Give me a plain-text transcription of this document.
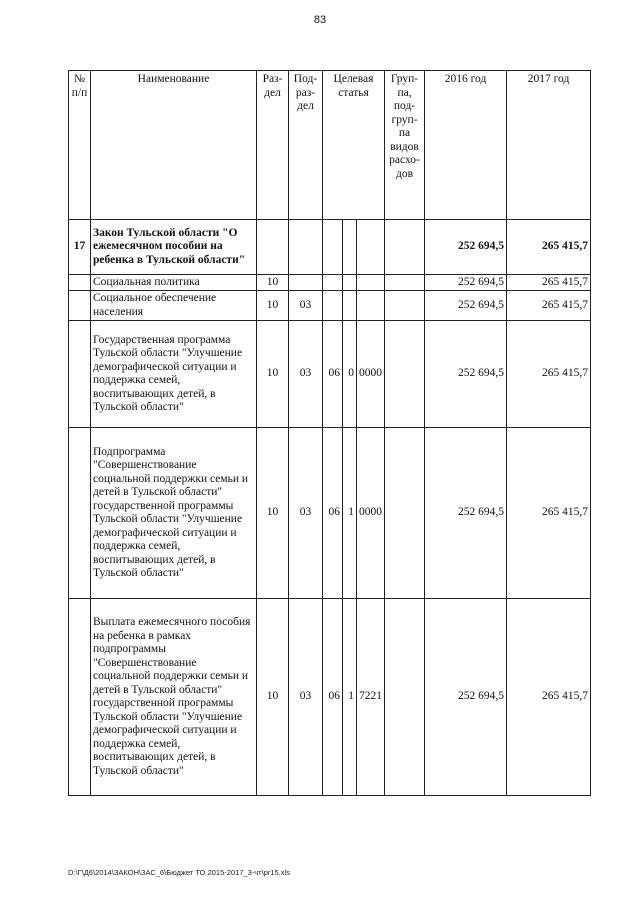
83
№ п/п	Наименование	Раз- дел	Под- раз- дел	Целевая статья			Груп- па, под- груп- па видов расхо- дов	2016 год	2017 год
17	Закон Тульской области "О ежемесячном пособии на ребенка в Тульской области"							252 694,5	265 415,7
	Социальная политика	10						252 694,5	265 415,7
	Социальное обеспечение населения	10	03					252 694,5	265 415,7
	Государственная программа Тульской области "Улучшение демографической ситуации и поддержка семей, воспитывающих детей, в Тульской области"	10	03	06	0	0000		252 694,5	265 415,7
	Подпрограмма "Совершенствование социальной поддержки семьи и детей в Тульской области" государственной программы Тульской области "Улучшение демографической ситуации и поддержка семей, воспитывающих детей, в Тульской области"	10	03	06	1	0000		252 694,5	265 415,7
	Выплата ежемесячного пособия на ребенка в рамках подпрограммы "Совершенствование социальной поддержки семьи и детей в Тульской области" государственной программы Тульской области "Улучшение демографической ситуации и поддержка семей, воспитывающих детей, в Тульской области"	10	03	06	1	7221		252 694,5	265 415,7
D:\Г\Д6\2014\ЗАКОН\ЗАС_6\Бюджет ТО 2015-2017_3-чт\pr15.xls
